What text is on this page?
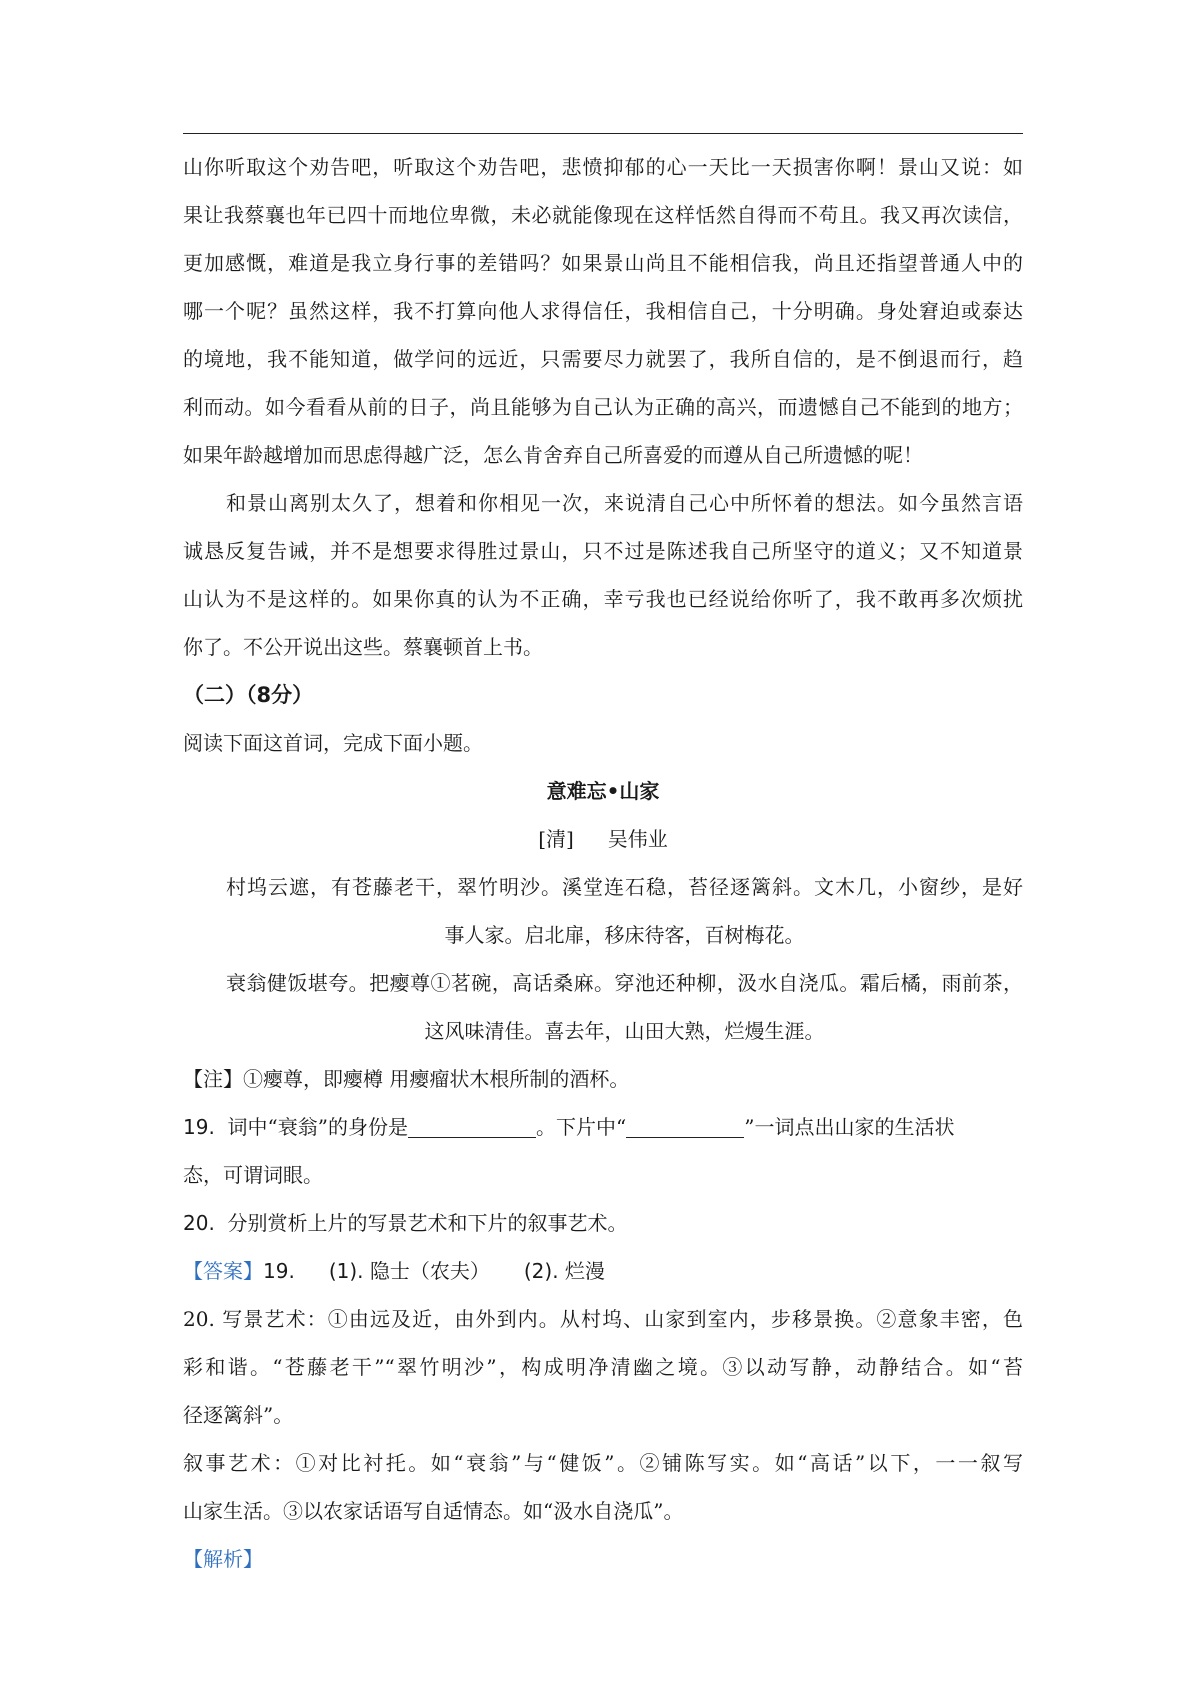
山你听取这个劝告吧，听取这个劝告吧，悲愤抑郁的心一天比一天损害你啊！景山又说：如
果让我蔡襄也年已四十而地位卑微，未必就能像现在这样恬然自得而不苟且。我又再次读信，
更加感慨，难道是我立身行事的差错吗？如果景山尚且不能相信我，尚且还指望普通人中的
哪一个呢？虽然这样，我不打算向他人求得信任，我相信自己，十分明确。身处窘迫或泰达
的境地，我不能知道，做学问的远近，只需要尽力就罢了，我所自信的，是不倒退而行，趋
利而动。如今看看从前的日子，尚且能够为自己认为正确的高兴，而遗憾自己不能到的地方；
如果年龄越增加而思虑得越广泛，怎么肯舍弃自己所喜爱的而遵从自己所遗憾的呢！
和景山离别太久了，想着和你相见一次，来说清自己心中所怀着的想法。如今虽然言语
诚恳反复告诫，并不是想要求得胜过景山，只不过是陈述我自己所坚守的道义；又不知道景
山认为不是这样的。如果你真的认为不正确，幸亏我也已经说给你听了，我不敢再多次烦扰
你了。不公开说出这些。蔡襄顿首上书。
（二）（8分）
阅读下面这首词，完成下面小题。
意难忘•山家
[清] 吴伟业
村坞云遮，有苍藤老干，翠竹明沙。溪堂连石稳，苔径逐篱斜。文木几，小窗纱，是好
事人家。启北扉，移床待客，百树梅花。
衰翁健饭堪夸。把瘿尊①茗碗，高话桑麻。穿池还种柳，汲水自浇瓜。霜后橘，雨前茶，
这风味清佳。喜去年，山田大熟，烂熳生涯。
【注】①瘿尊，即瘿樽 用瘿瘤状木根所制的酒杯。
19. 词中“衰翁”的身份是	。下片中“	”一词点出山家的生活状
态，可谓词眼。
20. 分别赏析上片的写景艺术和下片的叙事艺术。
【答案】19. (1). 隐士（农夫） (2). 烂漫
20. 写景艺术：①由远及近，由外到内。从村坞、山家到室内，步移景换。②意象丰密，色
彩和谐。“苍藤老干”“翠竹明沙”，构成明净清幽之境。③以动写静，动静结合。如“苔
径逐篱斜”。
叙事艺术：①对比衬托。如“衰翁”与“健饭”。②铺陈写实。如“高话”以下，一一叙写
山家生活。③以农家话语写自适情态。如“汲水自浇瓜”。
【解析】
